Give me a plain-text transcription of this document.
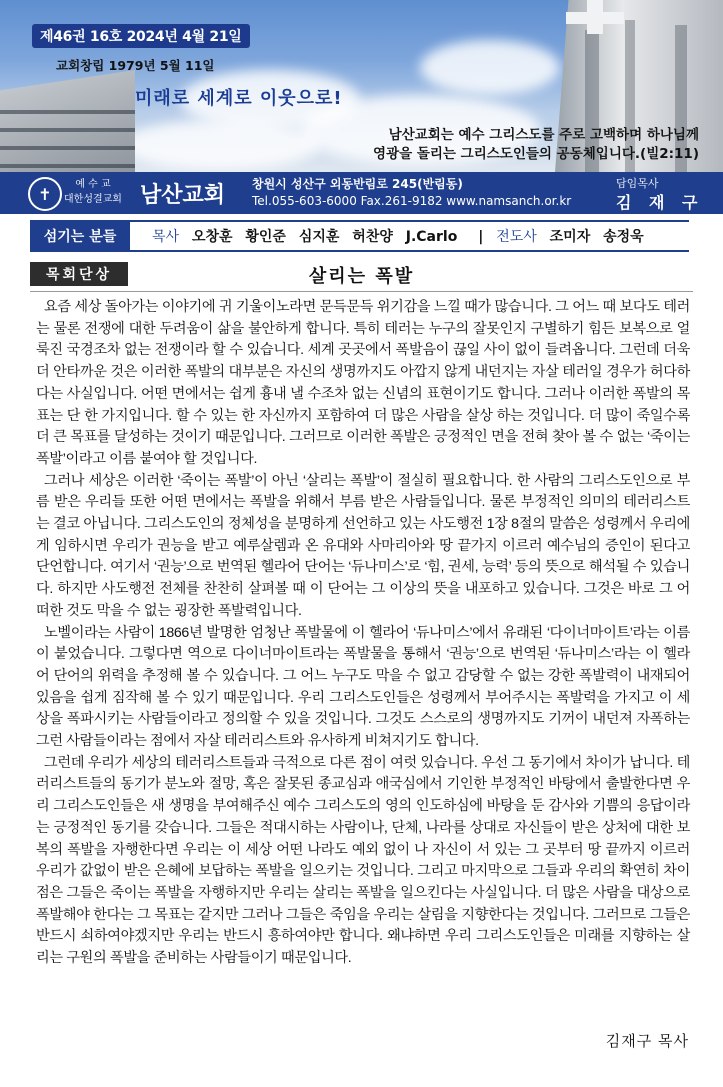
제46권 16호 2024년 4월 21일
교회창립 1979년 5월 11일
미래로 세계로 이웃으로!
남산교회는 예수 그리스도를 주로 고백하며 하나님께
영광을 돌리는 그리스도인들의 공동체입니다.(빌2:11)
✝	예 수 교
대한성결교회 남산교회 창원시 성산구 외동반림로 245(반림동)
Tel.055-603-6000 Fax.261-9182 www.namsanch.or.kr
담임목사
김 재 구
섬기는 분들	목사 오창훈 황인준 심지훈 허찬양 J.Carlo | 전도사 조미자 송정욱
목회단상	살리는 폭발

요즘 세상 돌아가는 이야기에 귀 기울이노라면 문득문득 위기감을 느낄 때가 많습니다. 그 어느 때 보다도 테러는 물론 전쟁에 대한 두려움이 삶을 불안하게 합니다. 특히 테러는 누구의 잘못인지 구별하기 힘든 보복으로 얼룩진 국경조차 없는 전쟁이라 할 수 있습니다. 세계 곳곳에서 폭발음이 끊일 사이 없이 들려옵니다. 그런데 더욱 더 안타까운 것은 이러한 폭발의 대부분은 자신의 생명까지도 아깝지 않게 내던지는 자살 테러일 경우가 허다하다는 사실입니다. 어떤 면에서는 쉽게 흉내 낼 수조차 없는 신념의 표현이기도 합니다. 그러나 이러한 폭발의 목표는 단 한 가지입니다. 할 수 있는 한 자신까지 포함하여 더 많은 사람을 살상 하는 것입니다. 더 많이 죽일수록 더 큰 목표를 달성하는 것이기 때문입니다. 그러므로 이러한 폭발은 긍정적인 면을 전혀 찾아 볼 수 없는 ‘죽이는 폭발’이라고 이름 붙여야 할 것입니다.

그러나 세상은 이러한 ‘죽이는 폭발’이 아닌 ‘살리는 폭발’이 절실히 필요합니다. 한 사람의 그리스도인으로 부름 받은 우리들 또한 어떤 면에서는 폭발을 위해서 부름 받은 사람들입니다. 물론 부정적인 의미의 테러리스트는 결코 아닙니다. 그리스도인의 정체성을 분명하게 선언하고 있는 사도행전 1장 8절의 말씀은 성령께서 우리에게 임하시면 우리가 권능을 받고 예루살렘과 온 유대와 사마리아와 땅 끝가지 이르러 예수님의 증인이 된다고 단언합니다. 여기서 ‘권능’으로 번역된 헬라어 단어는 ‘듀나미스’로 ‘힘, 권세, 능력’ 등의 뜻으로 해석될 수 있습니다. 하지만 사도행전 전체를 찬찬히 살펴볼 때 이 단어는 그 이상의 뜻을 내포하고 있습니다. 그것은 바로 그 어떠한 것도 막을 수 없는 굉장한 폭발력입니다.

노벨이라는 사람이 1866년 발명한 엄청난 폭발물에 이 헬라어 ‘듀나미스’에서 유래된 ‘다이너마이트’라는 이름이 붙었습니다. 그렇다면 역으로 다이너마이트라는 폭발물을 통해서 ‘권능’으로 번역된 ‘듀나미스’라는 이 헬라어 단어의 위력을 추정해 볼 수 있습니다. 그 어느 누구도 막을 수 없고 감당할 수 없는 강한 폭발력이 내재되어 있음을 쉽게 짐작해 볼 수 있기 때문입니다. 우리 그리스도인들은 성령께서 부어주시는 폭발력을 가지고 이 세상을 폭파시키는 사람들이라고 정의할 수 있을 것입니다. 그것도 스스로의 생명까지도 기꺼이 내던져 자폭하는 그런 사람들이라는 점에서 자살 테러리스트와 유사하게 비쳐지기도 합니다.

그런데 우리가 세상의 테러리스트들과 극적으로 다른 점이 여럿 있습니다. 우선 그 동기에서 차이가 납니다. 테러리스트들의 동기가 분노와 절망, 혹은 잘못된 종교심과 애국심에서 기인한 부정적인 바탕에서 출발한다면 우리 그리스도인들은 새 생명을 부여해주신 예수 그리스도의 영의 인도하심에 바탕을 둔 감사와 기쁨의 응답이라는 긍정적인 동기를 갖습니다. 그들은 적대시하는 사람이나, 단체, 나라를 상대로 자신들이 받은 상처에 대한 보복의 폭발을 자행한다면 우리는 이 세상 어떤 나라도 예외 없이 나 자신이 서 있는 그 곳부터 땅 끝까지 이르러 우리가 값없이 받은 은혜에 보답하는 폭발을 일으키는 것입니다. 그리고 마지막으로 그들과 우리의 확연히 차이점은 그들은 죽이는 폭발을 자행하지만 우리는 살리는 폭발을 일으킨다는 사실입니다. 더 많은 사람을 대상으로 폭발해야 한다는 그 목표는 같지만 그러나 그들은 죽임을 우리는 살림을 지향한다는 것입니다. 그러므로 그들은 반드시 쇠하여야겠지만 우리는 반드시 흥하여야만 합니다. 왜냐하면 우리 그리스도인들은 미래를 지향하는 살리는 구원의 폭발을 준비하는 사람들이기 때문입니다.

김재구 목사
